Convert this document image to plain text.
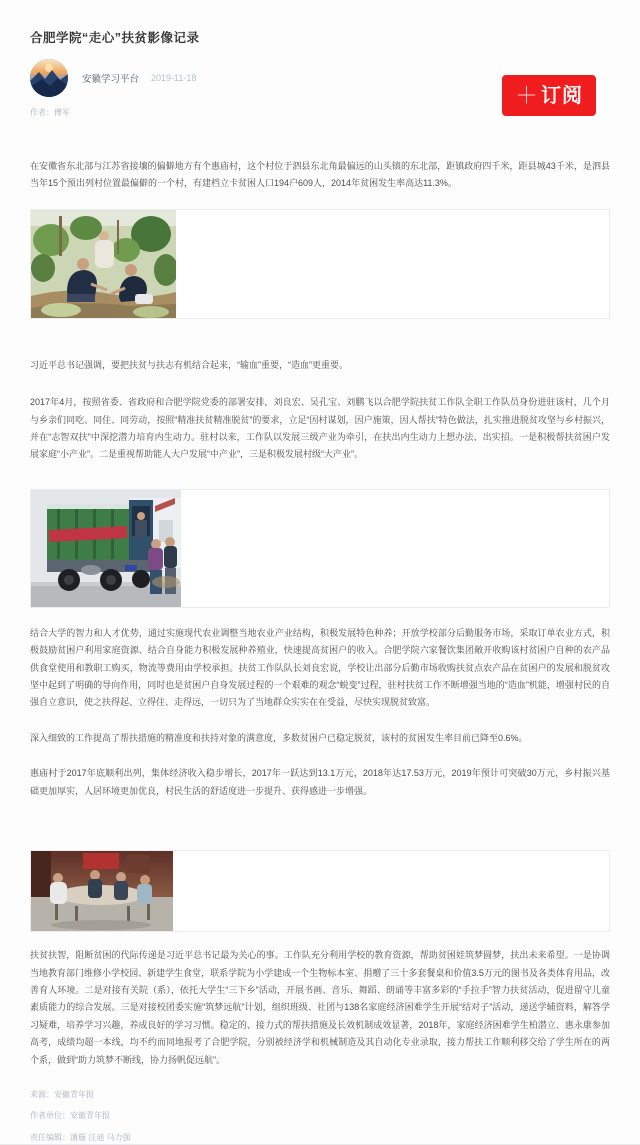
合肥学院“走心”扶贫影像记录
安徽学习平台 2019-11-18
作者：傅军
＋ 订阅

在安徽省东北部与江苏省接壤的偏僻地方有个惠庙村，这个村位于泗县东北角最偏远的山头镇的东北部，距镇政府四千米，距县城43千米，是泗县当年15个预出列村位置最偏僻的一个村，有建档立卡贫困人口194户609人，2014年贫困发生率高达11.3%。

习近平总书记强调，要把扶贫与扶志有机结合起来，“输血”重要，“造血”更重要。

2017年4月，按照省委、省政府和合肥学院党委的部署安排，刘良宏、吴孔宝、刘鹏飞以合肥学院扶贫工作队全职工作队员身份进驻该村，几个月与乡亲们同吃、同住、同劳动，按照“精准扶贫精准脱贫”的要求，立足“因村谋划，因户施策，因人帮扶”特色做法，扎实推进脱贫攻坚与乡村振兴，并在“志智双扶”中深挖潜力培育内生动力。驻村以来，工作队以发展三级产业为牵引，在扶出内生动力上想办法、出实招。一是积极帮扶贫困户发展家庭“小产业”。二是重视帮助能人大户发展“中产业”，三是积极发展村级“大产业”。

结合大学的智力和人才优势，通过实施现代农业调整当地农业产业结构，积极发展特色种养；开放学校部分后勤服务市场，采取订单农业方式，积极鼓励贫困户利用家庭资源、结合自身能力积极发展种养殖业，快速提高贫困户的收入。合肥学院六家餐饮集团敞开收购该村贫困户自种的农产品供食堂使用和教职工购买，物流等费用由学校承担。扶贫工作队队长刘良宏说，学校让出部分后勤市场收购扶贫点农产品在贫困户的发展和脱贫攻坚中起到了明确的导向作用，同时也是贫困户自身发展过程的一个艰难的观念“蜕变”过程，驻村扶贫工作不断增强当地的“造血”机能，增强村民的自强自立意识，使之扶得起、立得住、走得远，一切只为了当地群众实实在在受益，尽快实现脱贫致富。

深入细致的工作提高了帮扶措施的精准度和扶持对象的满意度，多数贫困户已稳定脱贫，该村的贫困发生率目前已降至0.6%。

惠庙村于2017年底顺利出列，集体经济收入稳步增长，2017年一跃达到13.1万元，2018年达17.53万元，2019年预计可突破30万元，乡村振兴基础更加厚实，人居环境更加优良，村民生活的舒适度进一步提升、获得感进一步增强。

扶贫扶智，阻断贫困的代际传递是习近平总书记最为关心的事。工作队充分利用学校的教育资源，帮助贫困娃筑梦圆梦，扶出未来希望。一是协调当地教育部门维修小学校园、新建学生食堂，联系学院为小学建成一个生物标本室、捐赠了三十多套餐桌和价值3.5万元的图书及各类体育用品，改善育人环境。二是对接有关院（系），依托大学生“三下乡”活动，开展书画、音乐、舞蹈、朗诵等丰富多彩的“手拉手”智力扶贫活动，促进留守儿童素质能力的综合发展。三是对接校团委实施“筑梦远航”计划，组织班级、社团与138名家庭经济困难学生开展“结对子”活动，递送学辅资料，解答学习疑难，培养学习兴趣，养成良好的学习习惯。稳定的、接力式的帮扶措施及长效机制成效显著，2018年，家庭经济困难学生柏潜立、惠永康参加高考，成绩均超一本线，均不约而同地报考了合肥学院，分别被经济学和机械制造及其自动化专业录取，接力帮扶工作顺利移交给了学生所在的两个系，做到“助力筑梦不断线，协力扬帆促远航”。

来源：安徽青年报
作者单位：安徽青年报
责任编辑：潘璇 汪迪 马力强
